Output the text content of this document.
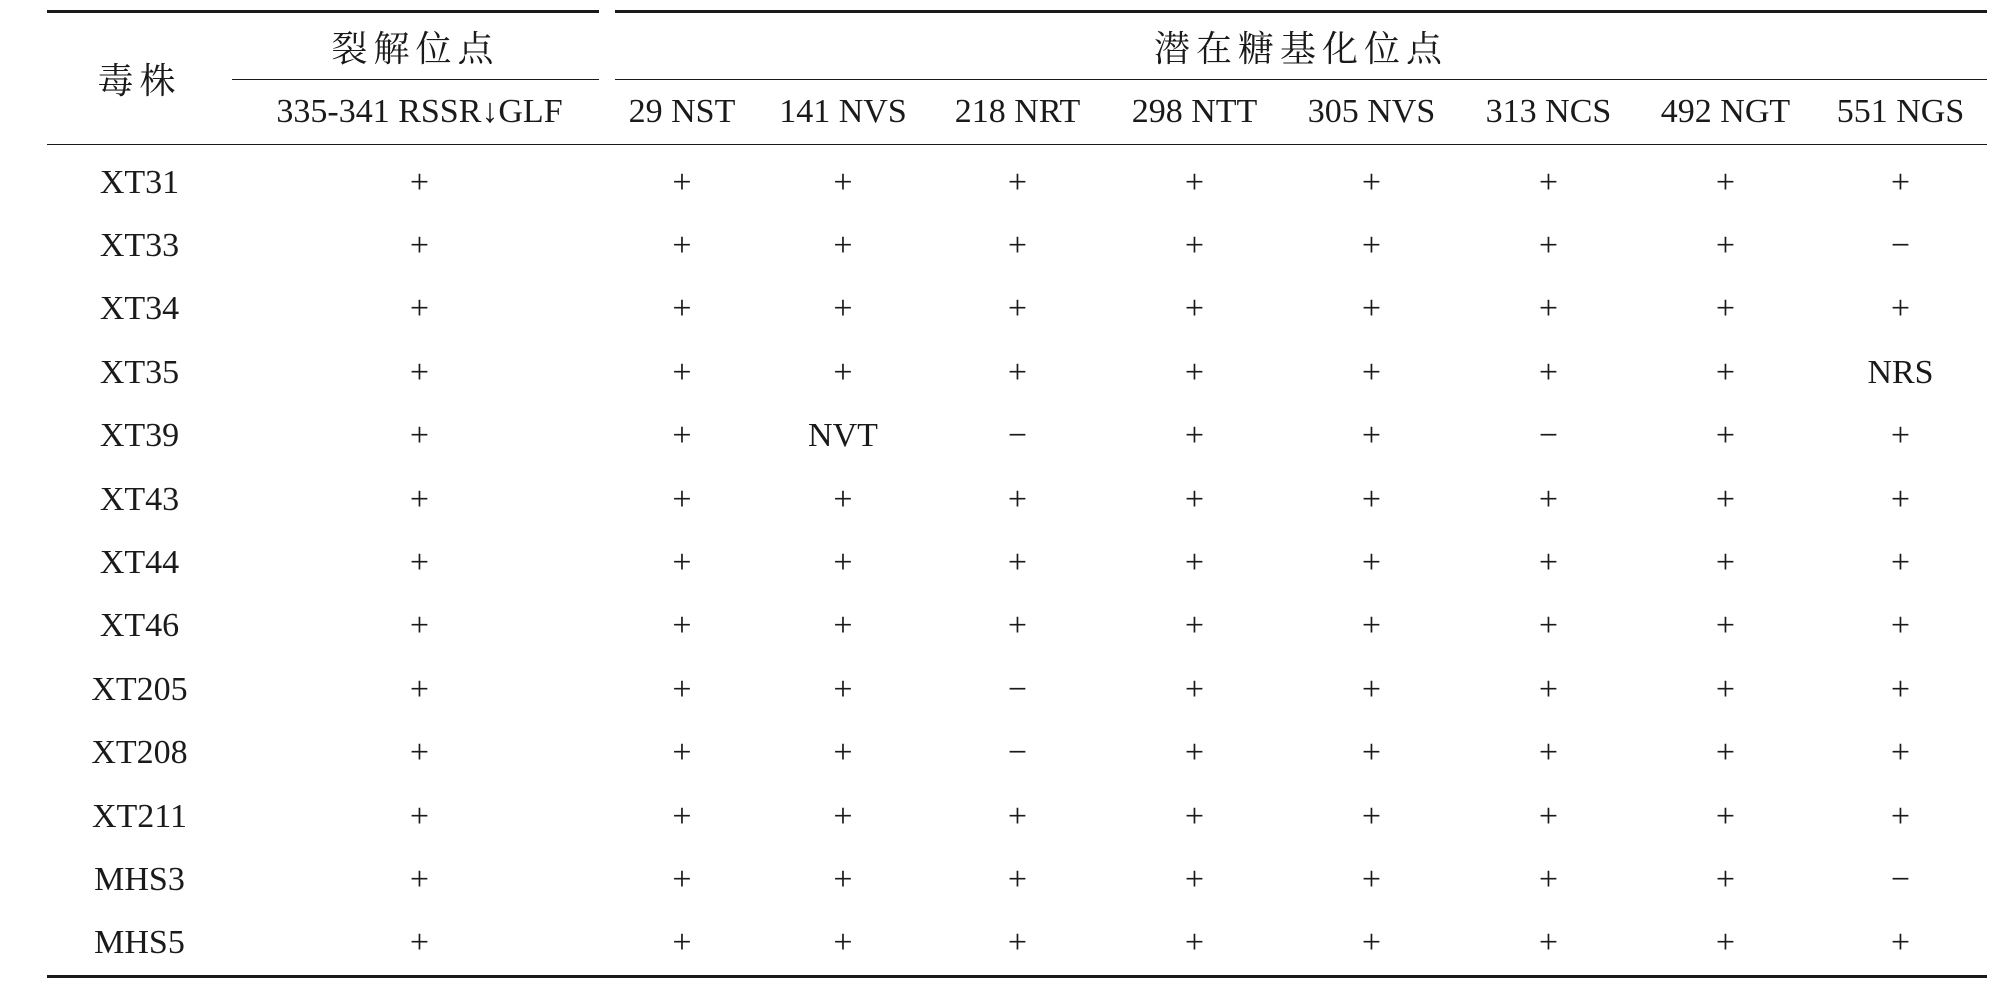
毒株	裂解位点	潜在糖基化位点							
	335-341 RSSR↓GLF	29 NST	141 NVS	218 NRT	298 NTT	305 NVS	313 NCS	492 NGT	551 NGS
XT31	+	+	+	+	+	+	+	+	+
XT33	+	+	+	+	+	+	+	+	−
XT34	+	+	+	+	+	+	+	+	+
XT35	+	+	+	+	+	+	+	+	NRS
XT39	+	+	NVT	−	+	+	−	+	+
XT43	+	+	+	+	+	+	+	+	+
XT44	+	+	+	+	+	+	+	+	+
XT46	+	+	+	+	+	+	+	+	+
XT205	+	+	+	−	+	+	+	+	+
XT208	+	+	+	−	+	+	+	+	+
XT211	+	+	+	+	+	+	+	+	+
MHS3	+	+	+	+	+	+	+	+	−
MHS5	+	+	+	+	+	+	+	+	+
